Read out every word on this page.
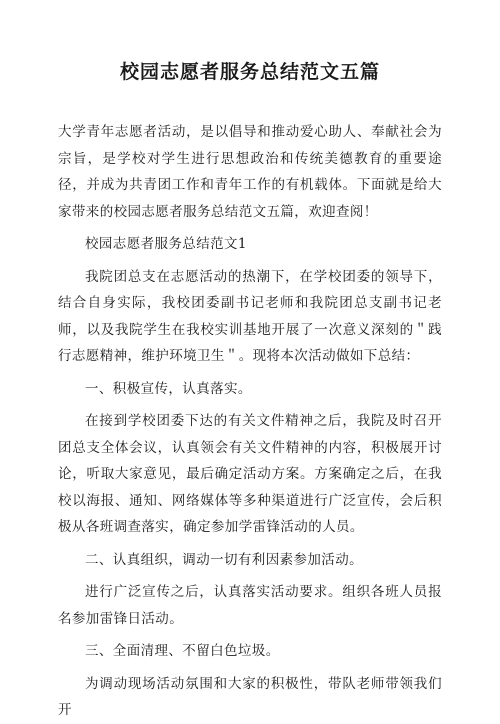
校园志愿者服务总结范文五篇

大学青年志愿者活动，是以倡导和推动爱心助人、奉献社会为宗旨，是学校对学生进行思想政治和传统美德教育的重要途径，并成为共青团工作和青年工作的有机载体。下面就是给大家带来的校园志愿者服务总结范文五篇，欢迎查阅！

校园志愿者服务总结范文1

我院团总支在志愿活动的热潮下，在学校团委的领导下，结合自身实际，我校团委副书记老师和我院团总支副书记老师，以及我院学生在我校实训基地开展了一次意义深刻的＂践行志愿精神，维护环境卫生＂。现将本次活动做如下总结：

一、积极宣传，认真落实。

在接到学校团委下达的有关文件精神之后，我院及时召开团总支全体会议，认真领会有关文件精神的内容，积极展开讨论，听取大家意见，最后确定活动方案。方案确定之后，在我校以海报、通知、网络媒体等多种渠道进行广泛宣传，会后积极从各班调查落实，确定参加学雷锋活动的人员。

二、认真组织，调动一切有利因素参加活动。

进行广泛宣传之后，认真落实活动要求。组织各班人员报名参加雷锋日活动。

三、全面清理、不留白色垃圾。

为调动现场活动氛围和大家的积极性，带队老师带领我们开
